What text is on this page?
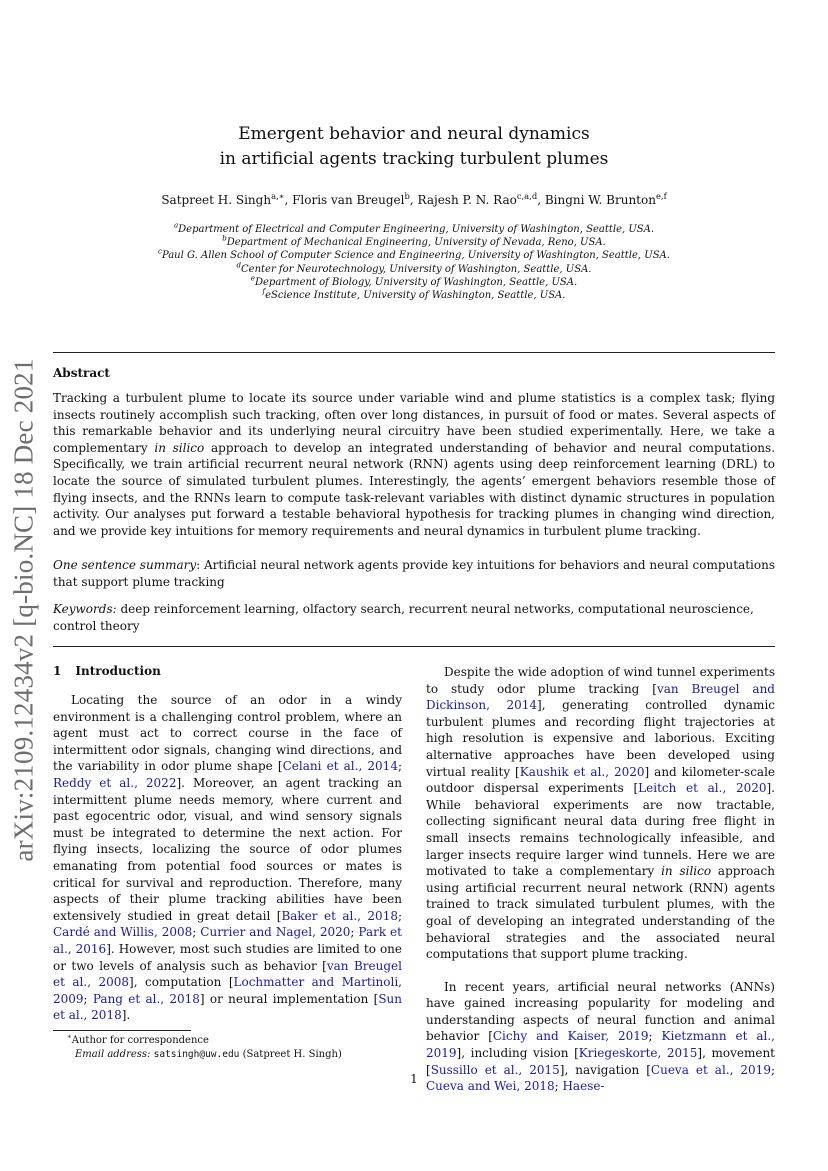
arXiv:2109.12434v2 [q-bio.NC] 18 Dec 2021
Emergent behavior and neural dynamics
in artificial agents tracking turbulent plumes
Satpreet H. Singh$^{a,∗}$, Floris van Breugel$^b$, Rajesh P. N. Rao$^{c,a,d}$, Bingni W. Brunton$^{e,f}$
$^a$Department of Electrical and Computer Engineering, University of Washington, Seattle, USA.
$^b$Department of Mechanical Engineering, University of Nevada, Reno, USA.
$^c$Paul G. Allen School of Computer Science and Engineering, University of Washington, Seattle, USA.
$^d$Center for Neurotechnology, University of Washington, Seattle, USA.
$^e$Department of Biology, University of Washington, Seattle, USA.
$^f$eScience Institute, University of Washington, Seattle, USA.
Abstract
Tracking a turbulent plume to locate its source under variable wind and plume statistics is a complex task; flying insects routinely accomplish such tracking, often over long distances, in pursuit of food or mates. Several aspects of this remarkable behavior and its underlying neural circuitry have been studied experimentally. Here, we take a complementary in silico approach to develop an integrated understanding of behavior and neural computations. Specifically, we train artificial recurrent neural network (RNN) agents using deep reinforcement learning (DRL) to locate the source of simulated turbulent plumes. Interestingly, the agents’ emergent behaviors resemble those of flying insects, and the RNNs learn to compute task-relevant variables with distinct dynamic structures in population activity. Our analyses put forward a testable behavioral hypothesis for tracking plumes in changing wind direction, and we provide key intuitions for memory requirements and neural dynamics in turbulent plume tracking.
One sentence summary: Artificial neural network agents provide key intuitions for behaviors and neural computations that support plume tracking
Keywords: deep reinforcement learning, olfactory search, recurrent neural networks, computational neuroscience, control theory
1 Introduction

Locating the source of an odor in a windy environment is a challenging control problem, where an agent must act to correct course in the face of intermittent odor signals, changing wind directions, and the variability in odor plume shape [Celani et al., 2014; Reddy et al., 2022]. Moreover, an agent tracking an intermittent plume needs memory, where current and past egocentric odor, visual, and wind sensory signals must be integrated to determine the next action. For flying insects, localizing the source of odor plumes emanating from potential food sources or mates is critical for survival and reproduction. Therefore, many aspects of their plume tracking abilities have been extensively studied in great detail [Baker et al., 2018; Cardé and Willis, 2008; Currier and Nagel, 2020; Park et al., 2016]. However, most such studies are limited to one or two levels of analysis such as behavior [van Breugel et al., 2008], computation [Lochmatter and Martinoli, 2009; Pang et al., 2018] or neural implementation [Sun et al., 2018].

Despite the wide adoption of wind tunnel experiments to study odor plume tracking [van Breugel and Dickinson, 2014], generating controlled dynamic turbulent plumes and recording flight trajectories at high resolution is expensive and laborious. Exciting alternative approaches have been developed using virtual reality [Kaushik et al., 2020] and kilometer-scale outdoor dispersal experiments [Leitch et al., 2020]. While behavioral experiments are now tractable, collecting significant neural data during free flight in small insects remains technologically infeasible, and larger insects require larger wind tunnels. Here we are motivated to take a complementary in silico approach using artificial recurrent neural network (RNN) agents trained to track simulated turbulent plumes, with the goal of developing an integrated understanding of the behavioral strategies and the associated neural computations that support plume tracking.

In recent years, artificial neural networks (ANNs) have gained increasing popularity for modeling and understanding aspects of neural function and animal behavior [Cichy and Kaiser, 2019; Kietzmann et al., 2019], including vision [Kriegeskorte, 2015], movement [Sussillo et al., 2015], navigation [Cueva et al., 2019; Cueva and Wei, 2018; Haese-

∗Author for correspondence
Email address: satsingh@uw.edu (Satpreet H. Singh)
1
